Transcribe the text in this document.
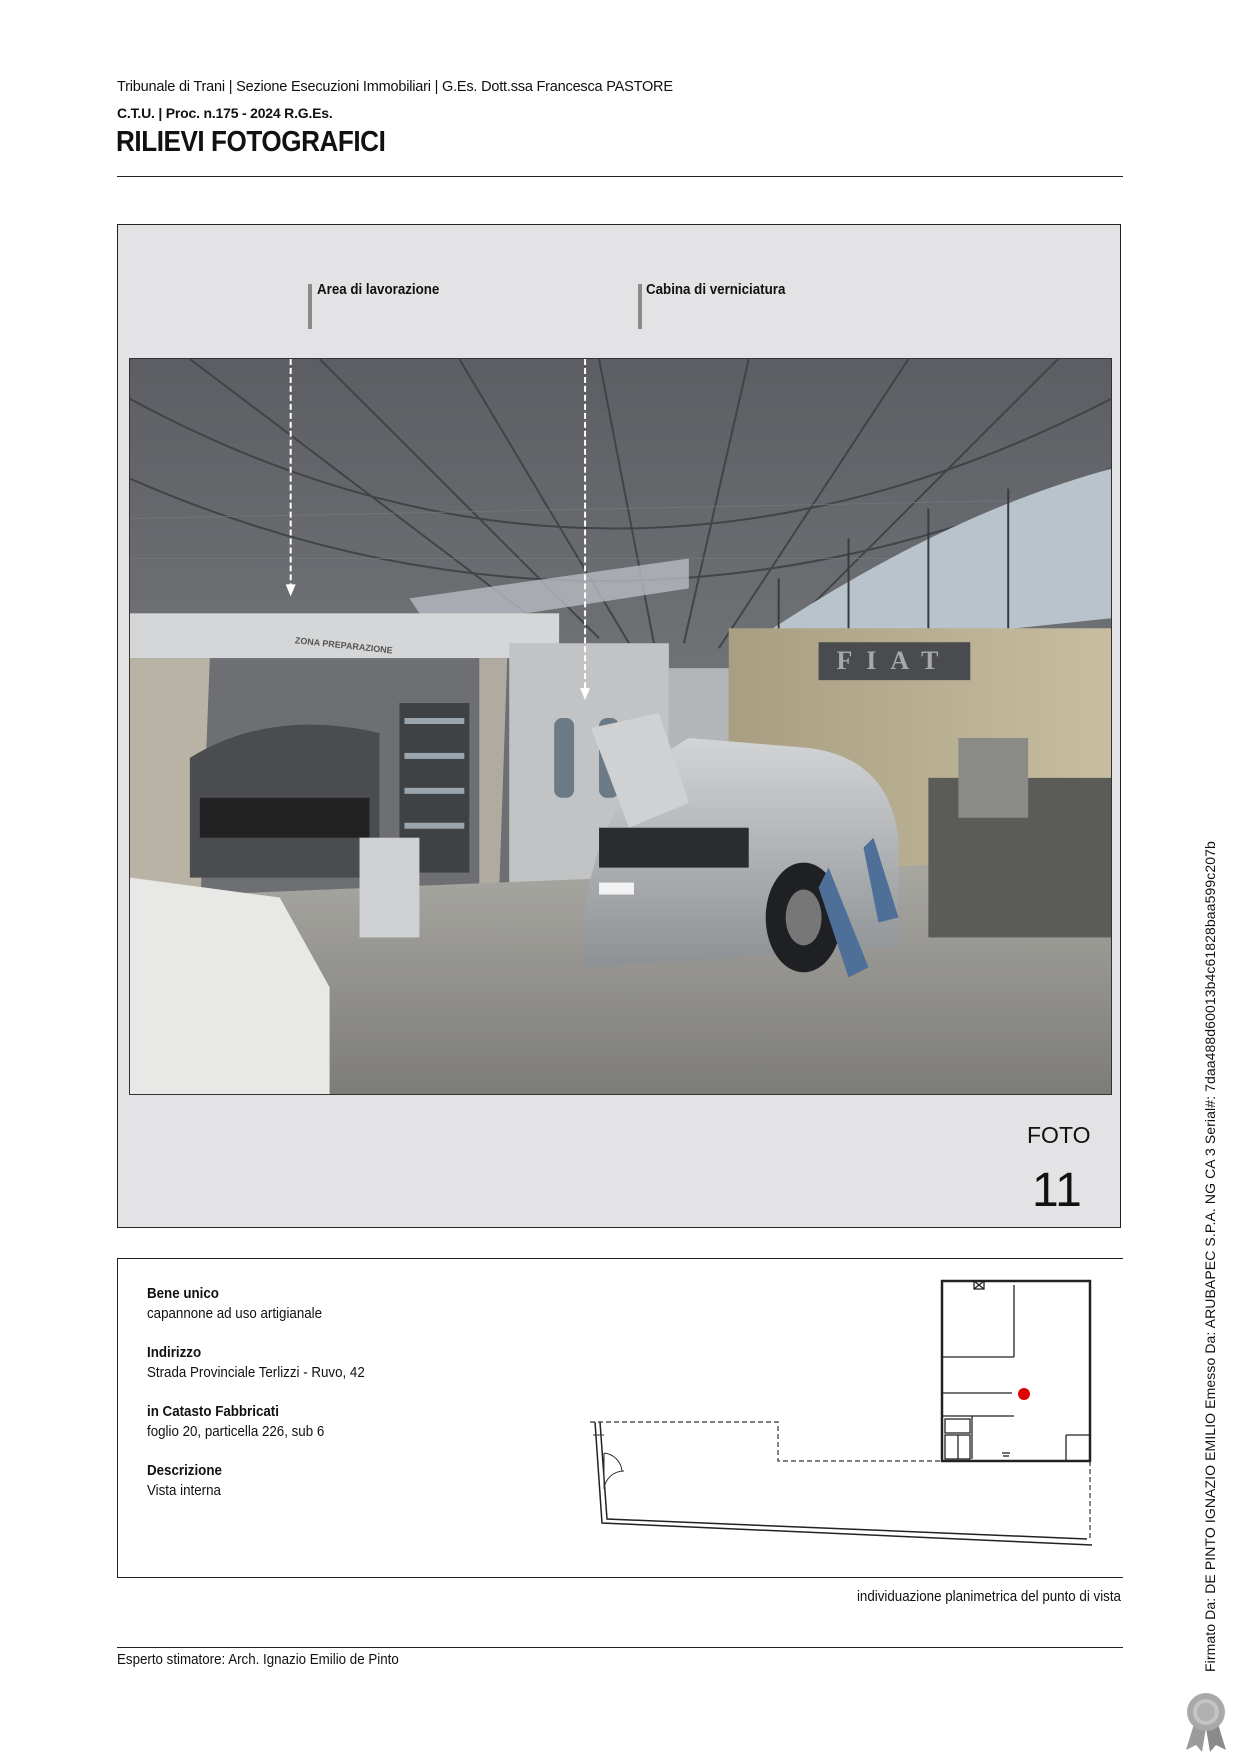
Tribunale di Trani | Sezione Esecuzioni Immobiliari | G.Es. Dott.ssa Francesca PASTORE
C.T.U. | Proc. n.175 - 2024 R.G.Es.
RILIEVI FOTOGRAFICI
Area di lavorazione	Cabina di verniciatura
FIAT
ZONA PREPARAZIONE
FOTO
11
Bene unico
capannone ad uso artigianale
Indirizzo
Strada Provinciale Terlizzi - Ruvo, 42
in Catasto Fabbricati
foglio 20, particella 226, sub 6
Descrizione
Vista interna
individuazione planimetrica del punto di vista
Esperto stimatore: Arch. Ignazio Emilio de Pinto	Firmato Da: DE PINTO IGNAZIO EMILIO Emesso Da: ARUBAPEC S.P.A. NG CA 3 Serial#: 7daa488d60013b4c61828baa599c207b
